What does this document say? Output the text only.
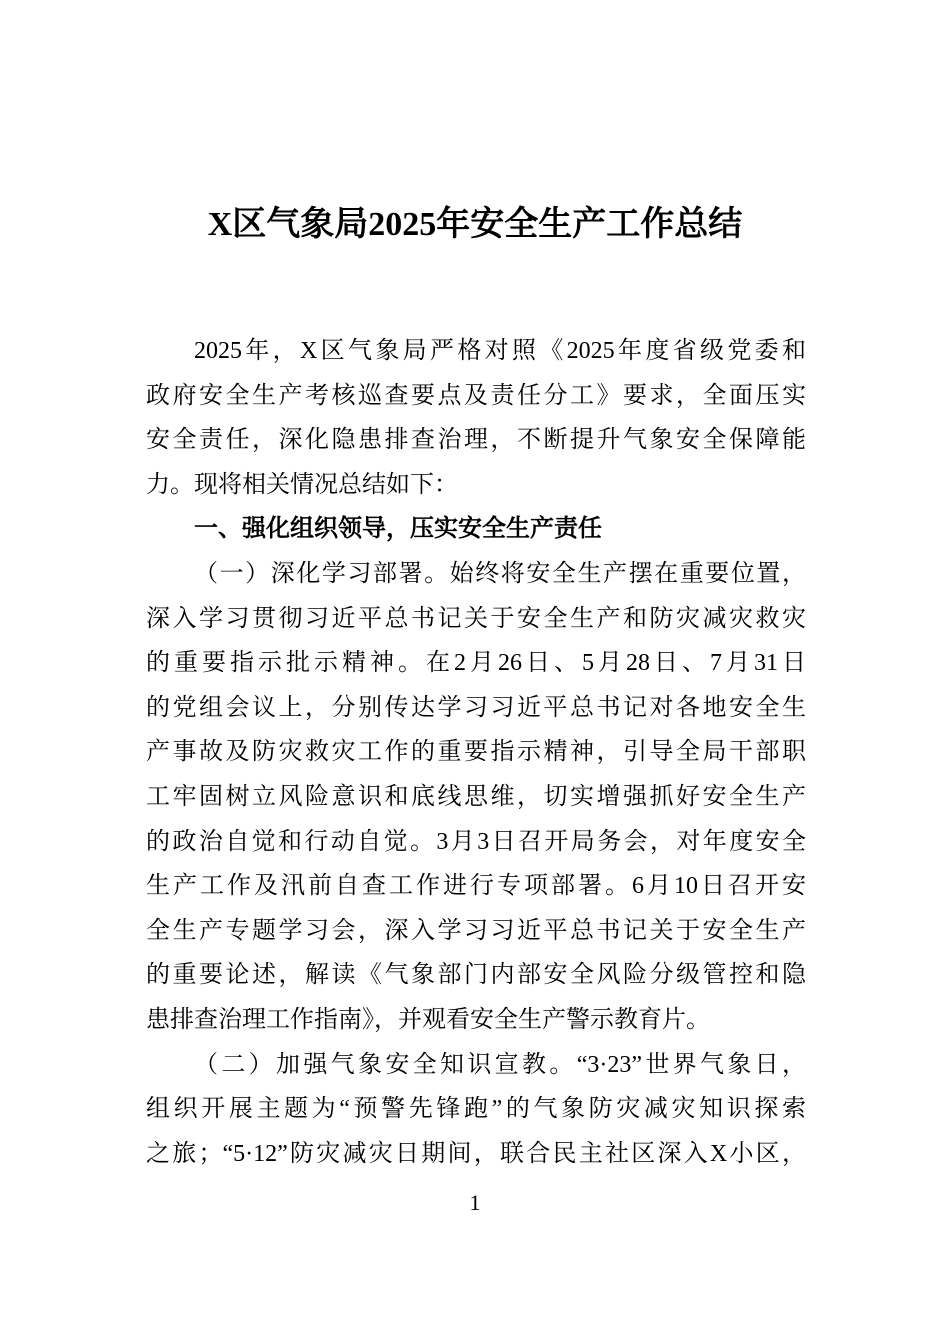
X区气象局2025年安全生产工作总结
2025年，X区气象局严格对照《2025年度省级党委和
政府安全生产考核巡查要点及责任分工》要求，全面压实
安全责任，深化隐患排查治理，不断提升气象安全保障能
力。现将相关情况总结如下：
一、强化组织领导，压实安全生产责任
（一）深化学习部署。始终将安全生产摆在重要位置，
深入学习贯彻习近平总书记关于安全生产和防灾减灾救灾
的重要指示批示精神。在2月26日、5月28日、7月31日
的党组会议上，分别传达学习习近平总书记对各地安全生
产事故及防灾救灾工作的重要指示精神，引导全局干部职
工牢固树立风险意识和底线思维，切实增强抓好安全生产
的政治自觉和行动自觉。3月3日召开局务会，对年度安全
生产工作及汛前自查工作进行专项部署。6月10日召开安
全生产专题学习会，深入学习习近平总书记关于安全生产
的重要论述，解读《气象部门内部安全风险分级管控和隐
患排查治理工作指南》，并观看安全生产警示教育片。
（二）加强气象安全知识宣教。“3·23”世界气象日，
组织开展主题为“预警先锋跑”的气象防灾减灾知识探索
之旅；“5·12”防灾减灾日期间，联合民主社区深入X小区，
1
